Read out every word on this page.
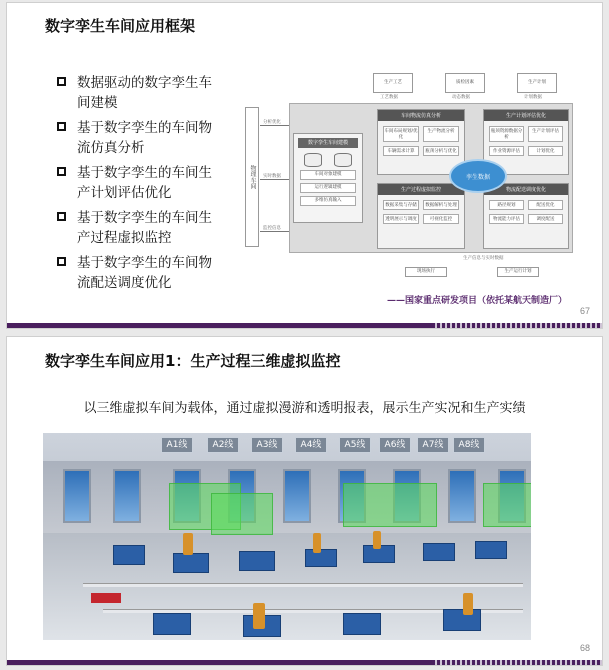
数字孪生车间应用框架
数据驱动的数字孪生车
间建模
基于数字孪生的车间物
流仿真分析
基于数字孪生的车间生
产计划评估优化
基于数字孪生的车间生
产过程虚拟监控
基于数字孪生的车间物
流配送调度优化
物理车间
分析优化
实时数据
监控信息
生产工艺	质检因素	生产计划
工艺数据	动态数据	计划数据
数字孪生车间建模
车间对象建模
运行逻辑建模
多维仿真输入
车间物流仿真分析
车间布局规划/优化
生产物流分析
车辆需求计算	瓶颈分析与优化
生产计划评估优化
瓶颈资源数据分析
生产计划评估
作业资源评估	计划优化
生产过程虚拟监控
数据采集与存储	数据解析与处理
透明展示与调度	可视化监控
物流配送调度优化
路径规划	配送优化
物流能力评估	调度配送
孪生数据
生产信息与实时数据
现场执行	生产运行计划
——国家重点研发项目（依托某航天制造厂）
67
数字孪生车间应用1：生产过程三维虚拟监控
以三维虚拟车间为载体，通过虚拟漫游和透明报表，展示生产实况和生产实绩
A1线	A2线	A3线	A4线	A5线	A6线	A7线	A8线
68
